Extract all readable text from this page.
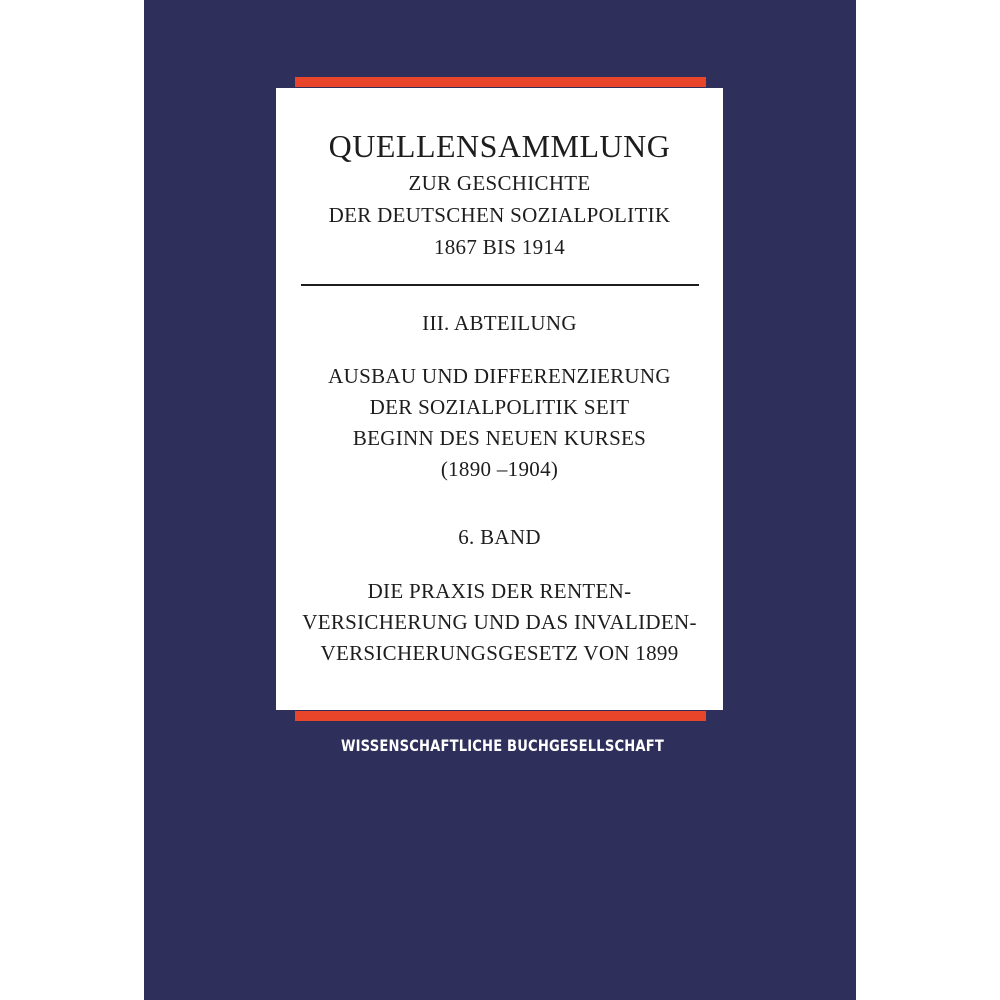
QUELLENSAMMLUNG
ZUR GESCHICHTE
DER DEUTSCHEN SOZIALPOLITIK
1867 BIS 1914
III. ABTEILUNG
AUSBAU UND DIFFERENZIERUNG
DER SOZIALPOLITIK SEIT
BEGINN DES NEUEN KURSES
(1890 –1904)
6. BAND
DIE PRAXIS DER RENTEN-
VERSICHERUNG UND DAS INVALIDEN-
VERSICHERUNGSGESETZ VON 1899
WISSENSCHAFTLICHE BUCHGESELLSCHAFT
